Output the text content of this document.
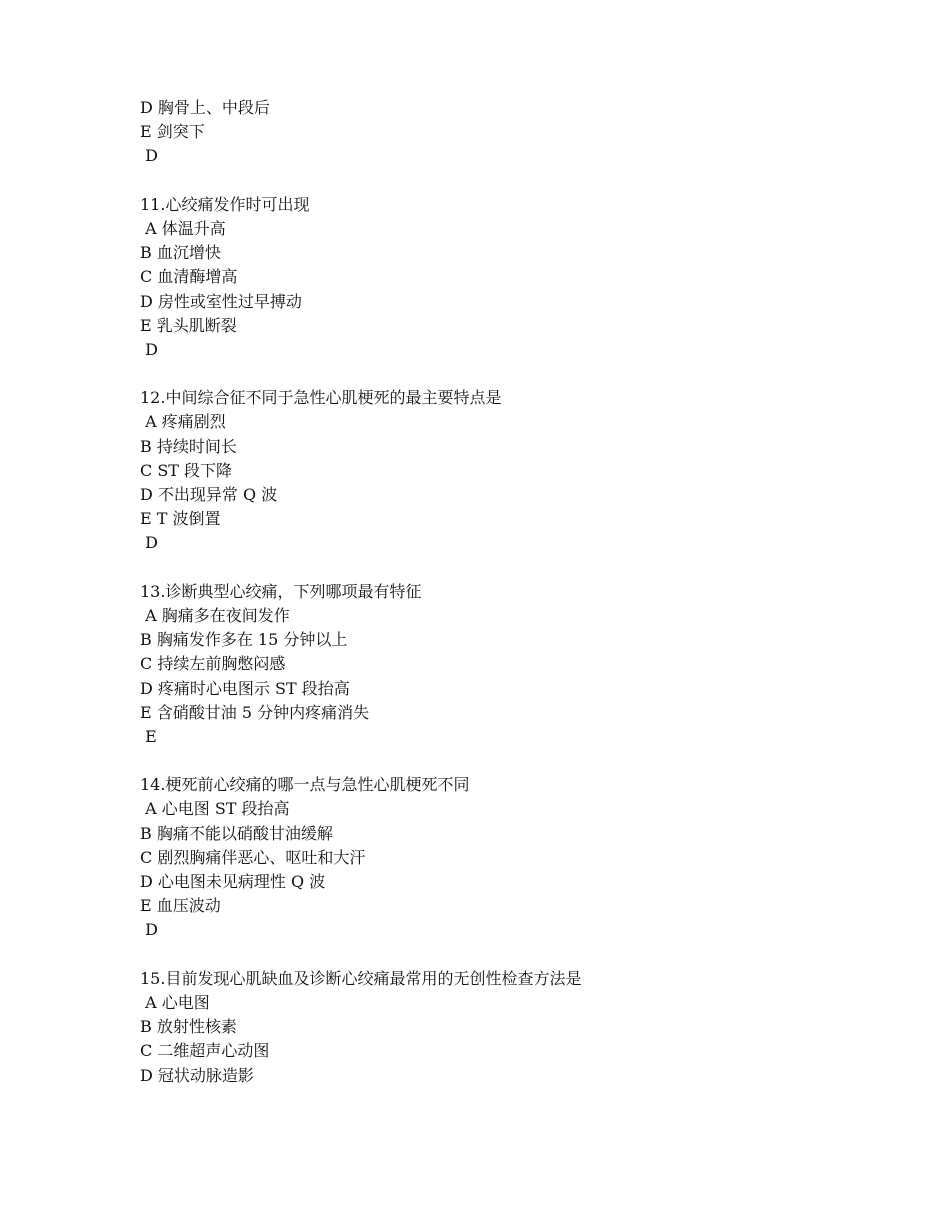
D 胸骨上、中段后
E 剑突下
D
11.心绞痛发作时可出现
A 体温升高
B 血沉增快
C 血清酶增高
D 房性或室性过早搏动
E 乳头肌断裂
D
12.中间综合征不同于急性心肌梗死的最主要特点是
A 疼痛剧烈
B 持续时间长
C ST 段下降
D 不出现异常 Q 波
E T 波倒置
D
13.诊断典型心绞痛，下列哪项最有特征
A 胸痛多在夜间发作
B 胸痛发作多在 15 分钟以上
C 持续左前胸憋闷感
D 疼痛时心电图示 ST 段抬高
E 含硝酸甘油 5 分钟内疼痛消失
E
14.梗死前心绞痛的哪一点与急性心肌梗死不同
A 心电图 ST 段抬高
B 胸痛不能以硝酸甘油缓解
C 剧烈胸痛伴恶心、呕吐和大汗
D 心电图未见病理性 Q 波
E 血压波动
D
15.目前发现心肌缺血及诊断心绞痛最常用的无创性检查方法是
A 心电图
B 放射性核素
C 二维超声心动图
D 冠状动脉造影
